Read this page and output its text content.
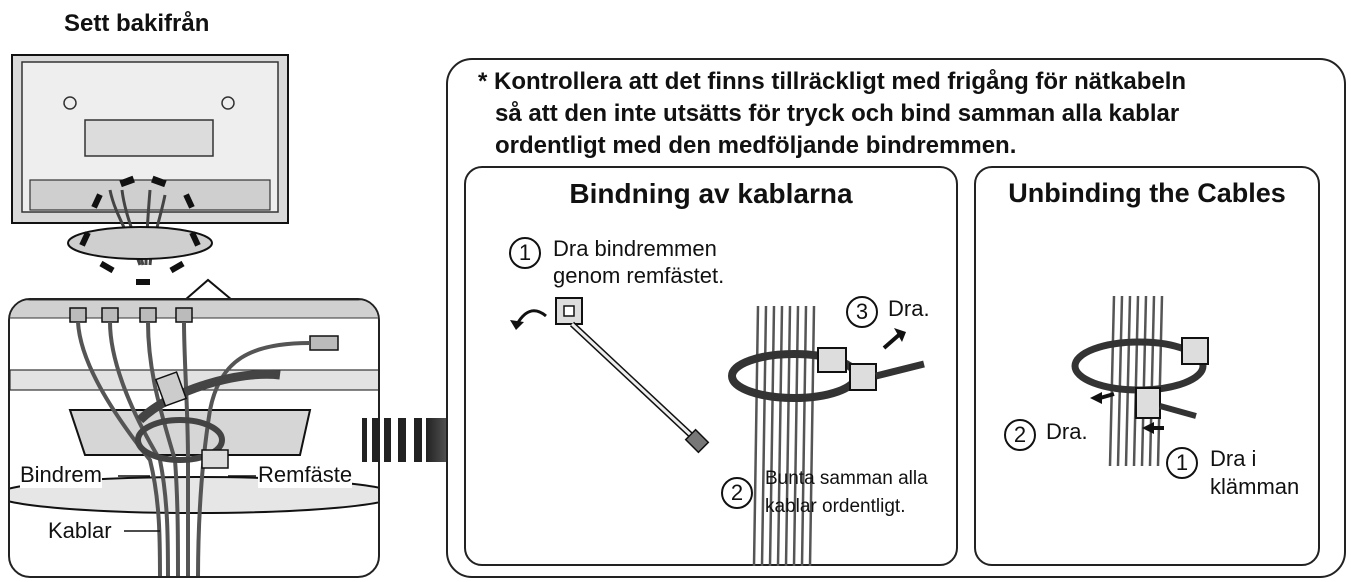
Sett bakifrån
Bindrem	Remfäste
Kablar
* Kontrollera att det finns tillräckligt med frigång för nätkabeln
så att den inte utsätts för tryck och bind samman alla kablar
ordentligt med den medföljande bindremmen.
Bindning av kablarna
1 Dra bindremmen
genom remfästet.
3 Dra.
2
Bunta samman alla
kablar ordentligt.
Unbinding the Cables
2 Dra.
1 Dra i
klämman
